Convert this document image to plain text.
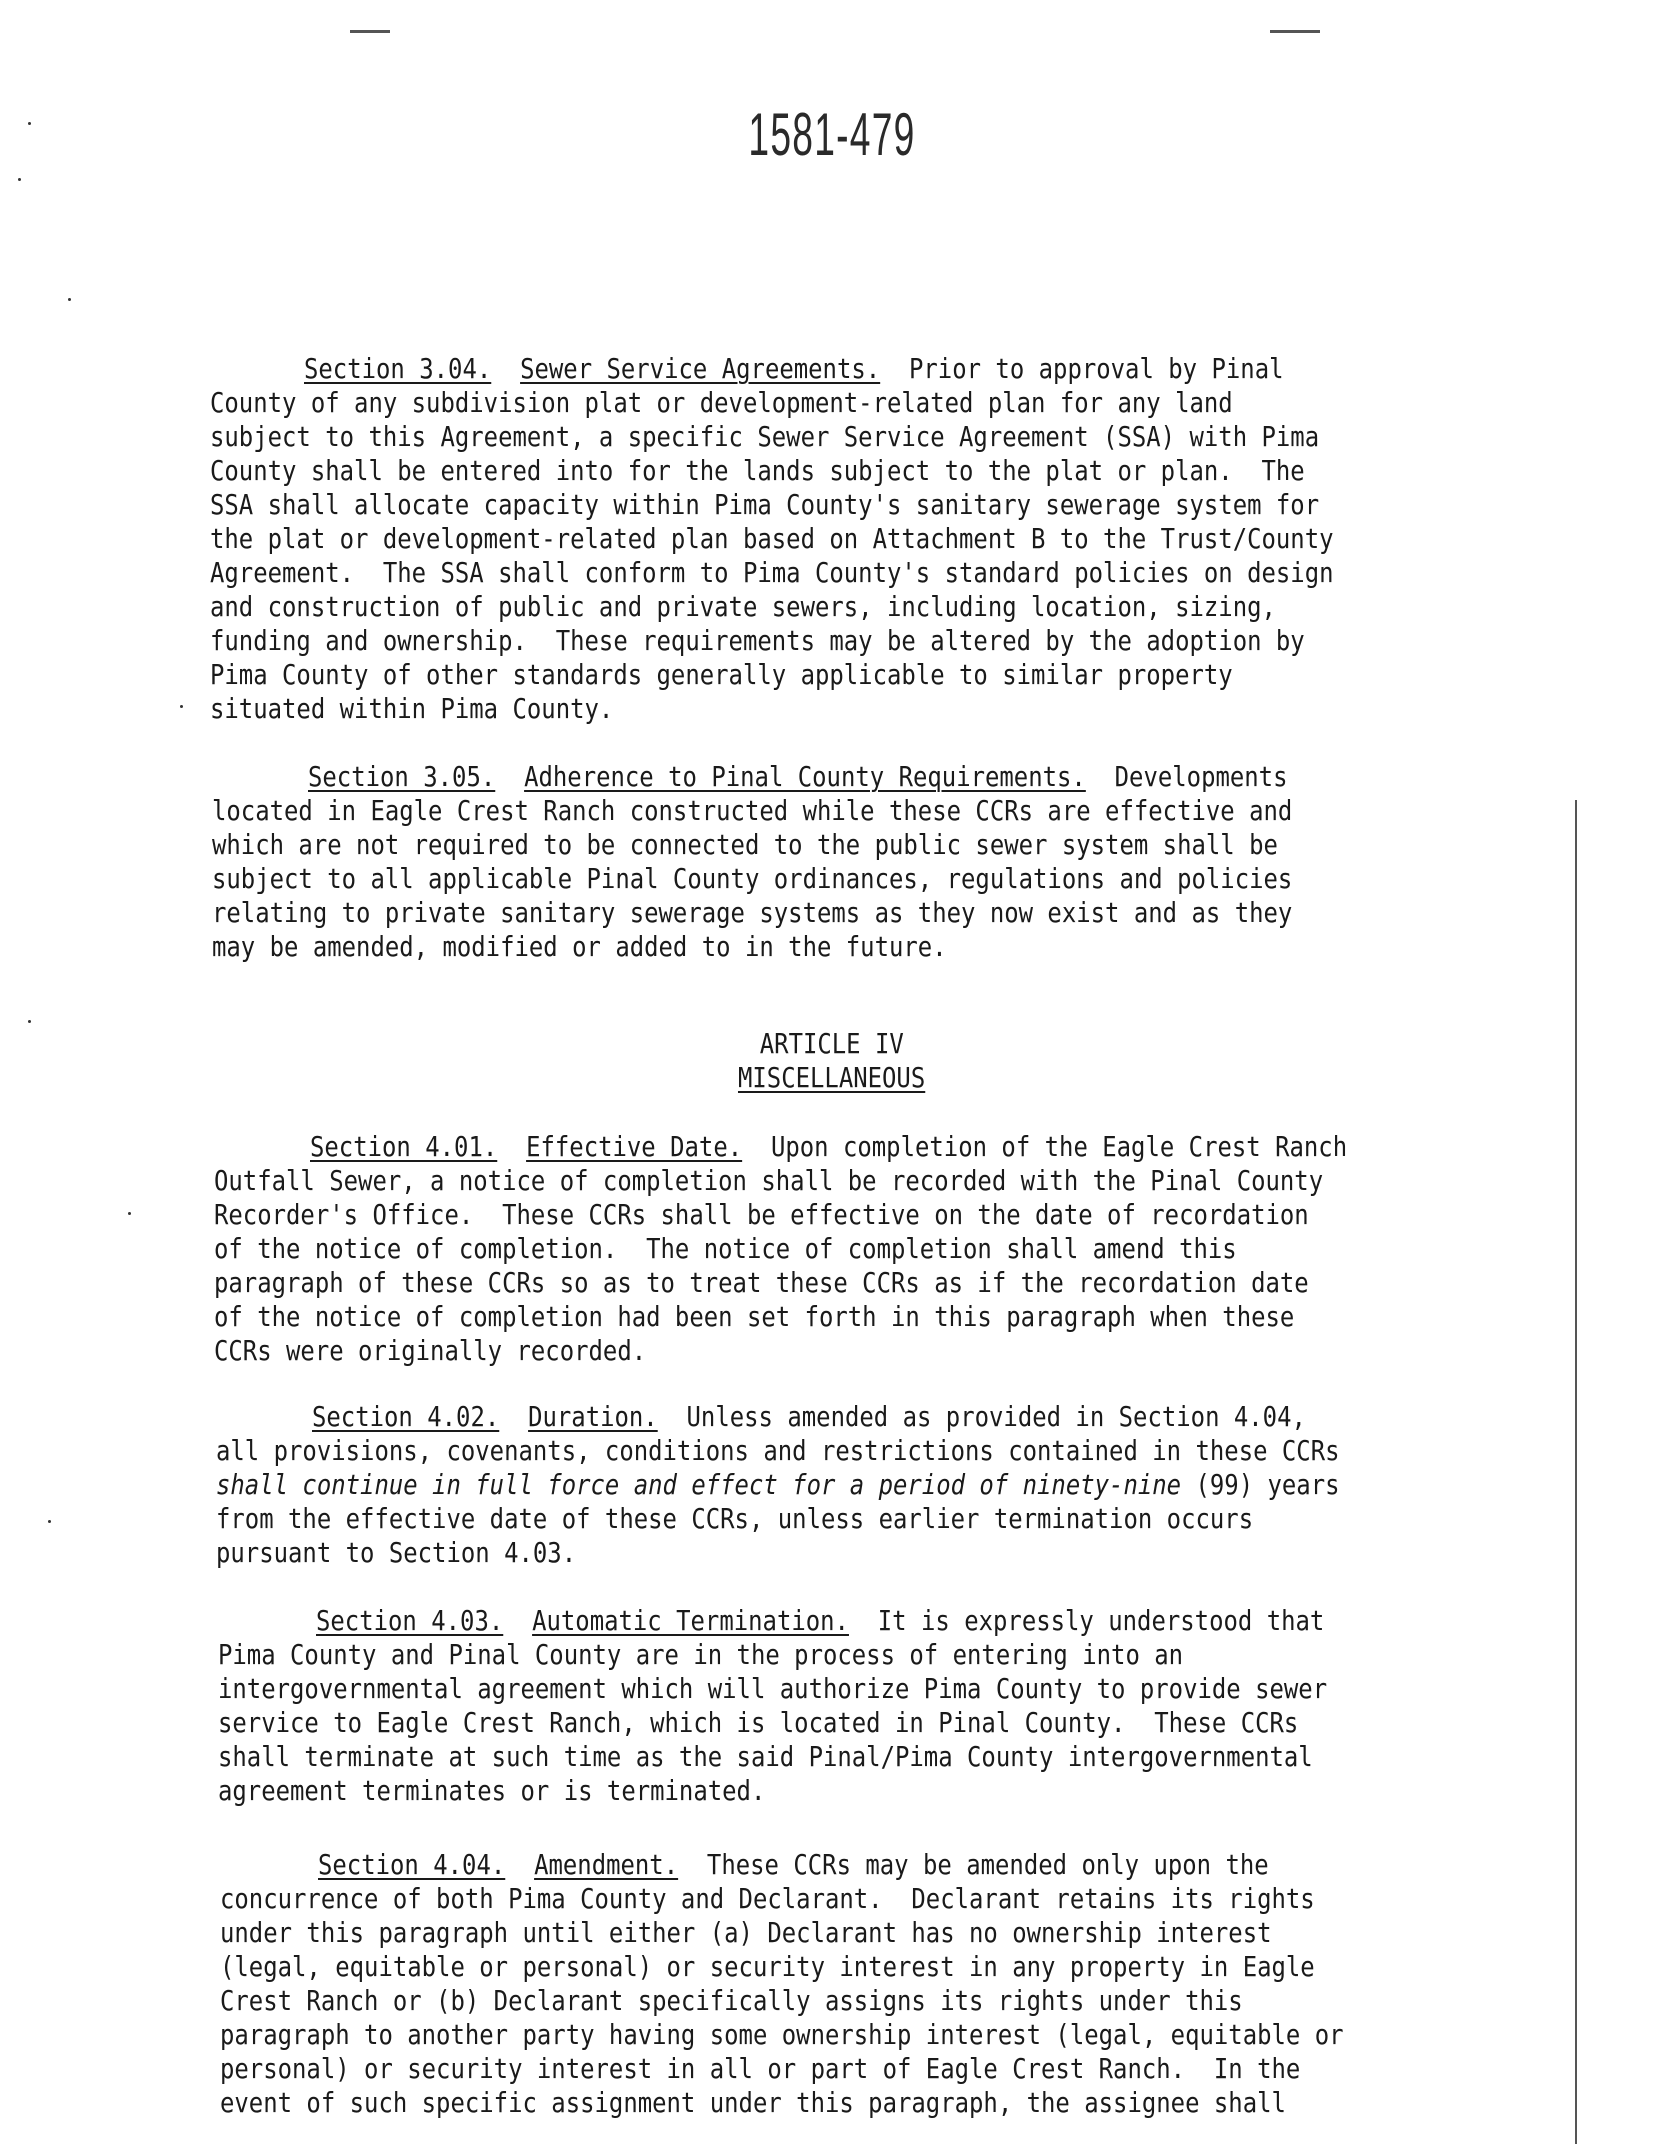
1581-479
Section 3.04. Sewer Service Agreements.  Prior to approval by Pinal
County of any subdivision plat or development-related plan for any land
subject to this Agreement, a specific Sewer Service Agreement (SSA) with Pima
County shall be entered into for the lands subject to the plat or plan.  The
SSA shall allocate capacity within Pima County's sanitary sewerage system for
the plat or development-related plan based on Attachment B to the Trust/County
Agreement.  The SSA shall conform to Pima County's standard policies on design
and construction of public and private sewers, including location, sizing,
funding and ownership.  These requirements may be altered by the adoption by
Pima County of other standards generally applicable to similar property
situated within Pima County.
Section 3.05. Adherence to Pinal County Requirements.  Developments
located in Eagle Crest Ranch constructed while these CCRs are effective and
which are not required to be connected to the public sewer system shall be
subject to all applicable Pinal County ordinances, regulations and policies
relating to private sanitary sewerage systems as they now exist and as they
may be amended, modified or added to in the future.
ARTICLE IV
MISCELLANEOUS
Section 4.01. Effective Date.  Upon completion of the Eagle Crest Ranch
Outfall Sewer, a notice of completion shall be recorded with the Pinal County
Recorder's Office.  These CCRs shall be effective on the date of recordation
of the notice of completion.  The notice of completion shall amend this
paragraph of these CCRs so as to treat these CCRs as if the recordation date
of the notice of completion had been set forth in this paragraph when these
CCRs were originally recorded.
Section 4.02. Duration.  Unless amended as provided in Section 4.04,
all provisions, covenants, conditions and restrictions contained in these CCRs
shall continue in full force and effect for a period of ninety-nine (99) years
from the effective date of these CCRs, unless earlier termination occurs
pursuant to Section 4.03.
Section 4.03. Automatic Termination.  It is expressly understood that
Pima County and Pinal County are in the process of entering into an
intergovernmental agreement which will authorize Pima County to provide sewer
service to Eagle Crest Ranch, which is located in Pinal County.  These CCRs
shall terminate at such time as the said Pinal/Pima County intergovernmental
agreement terminates or is terminated.
Section 4.04. Amendment.  These CCRs may be amended only upon the
concurrence of both Pima County and Declarant.  Declarant retains its rights
under this paragraph until either (a) Declarant has no ownership interest
(legal, equitable or personal) or security interest in any property in Eagle
Crest Ranch or (b) Declarant specifically assigns its rights under this
paragraph to another party having some ownership interest (legal, equitable or
personal) or security interest in all or part of Eagle Crest Ranch.  In the
event of such specific assignment under this paragraph, the assignee shall
